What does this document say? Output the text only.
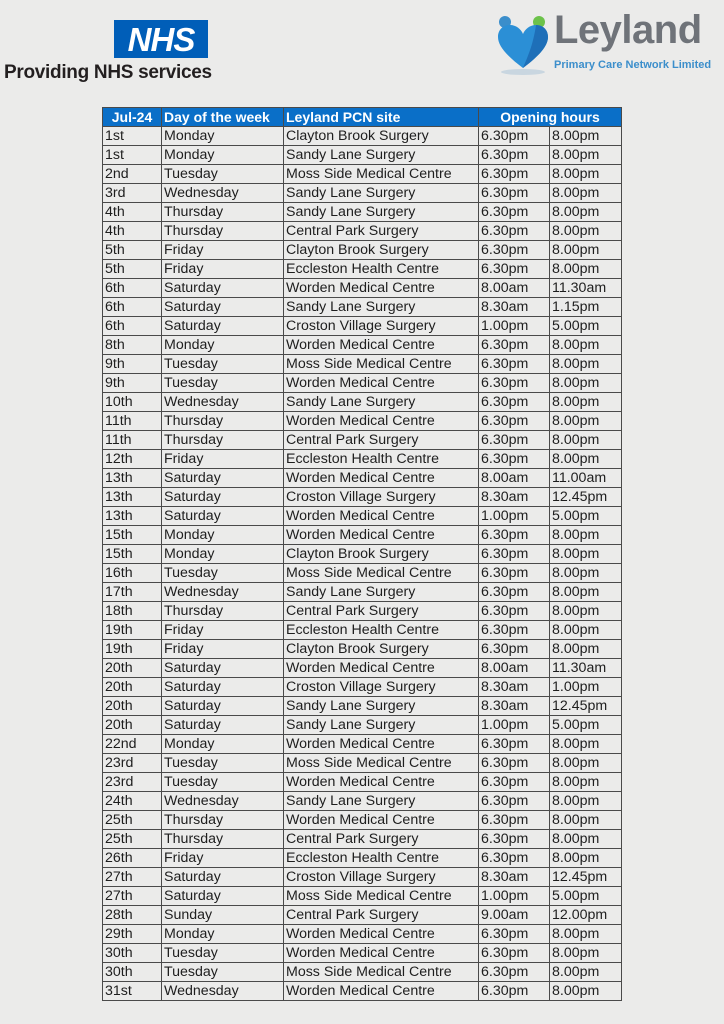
NHS
Providing NHS services
Leyland
Primary Care Network Limited
Jul-24	Day of the week	Leyland PCN site	Opening hours	
1st	Monday	Clayton Brook Surgery	6.30pm	8.00pm
1st	Monday	Sandy Lane Surgery	6.30pm	8.00pm
2nd	Tuesday	Moss Side Medical Centre	6.30pm	8.00pm
3rd	Wednesday	Sandy Lane Surgery	6.30pm	8.00pm
4th	Thursday	Sandy Lane Surgery	6.30pm	8.00pm
4th	Thursday	Central Park Surgery	6.30pm	8.00pm
5th	Friday	Clayton Brook Surgery	6.30pm	8.00pm
5th	Friday	Eccleston Health Centre	6.30pm	8.00pm
6th	Saturday	Worden Medical Centre	8.00am	11.30am
6th	Saturday	Sandy Lane Surgery	8.30am	1.15pm
6th	Saturday	Croston Village Surgery	1.00pm	5.00pm
8th	Monday	Worden Medical Centre	6.30pm	8.00pm
9th	Tuesday	Moss Side Medical Centre	6.30pm	8.00pm
9th	Tuesday	Worden Medical Centre	6.30pm	8.00pm
10th	Wednesday	Sandy Lane Surgery	6.30pm	8.00pm
11th	Thursday	Worden Medical Centre	6.30pm	8.00pm
11th	Thursday	Central Park Surgery	6.30pm	8.00pm
12th	Friday	Eccleston Health Centre	6.30pm	8.00pm
13th	Saturday	Worden Medical Centre	8.00am	11.00am
13th	Saturday	Croston Village Surgery	8.30am	12.45pm
13th	Saturday	Worden Medical Centre	1.00pm	5.00pm
15th	Monday	Worden Medical Centre	6.30pm	8.00pm
15th	Monday	Clayton Brook Surgery	6.30pm	8.00pm
16th	Tuesday	Moss Side Medical Centre	6.30pm	8.00pm
17th	Wednesday	Sandy Lane Surgery	6.30pm	8.00pm
18th	Thursday	Central Park Surgery	6.30pm	8.00pm
19th	Friday	Eccleston Health Centre	6.30pm	8.00pm
19th	Friday	Clayton Brook Surgery	6.30pm	8.00pm
20th	Saturday	Worden Medical Centre	8.00am	11.30am
20th	Saturday	Croston Village Surgery	8.30am	1.00pm
20th	Saturday	Sandy Lane Surgery	8.30am	12.45pm
20th	Saturday	Sandy Lane Surgery	1.00pm	5.00pm
22nd	Monday	Worden Medical Centre	6.30pm	8.00pm
23rd	Tuesday	Moss Side Medical Centre	6.30pm	8.00pm
23rd	Tuesday	Worden Medical Centre	6.30pm	8.00pm
24th	Wednesday	Sandy Lane Surgery	6.30pm	8.00pm
25th	Thursday	Worden Medical Centre	6.30pm	8.00pm
25th	Thursday	Central Park Surgery	6.30pm	8.00pm
26th	Friday	Eccleston Health Centre	6.30pm	8.00pm
27th	Saturday	Croston Village Surgery	8.30am	12.45pm
27th	Saturday	Moss Side Medical Centre	1.00pm	5.00pm
28th	Sunday	Central Park Surgery	9.00am	12.00pm
29th	Monday	Worden Medical Centre	6.30pm	8.00pm
30th	Tuesday	Worden Medical Centre	6.30pm	8.00pm
30th	Tuesday	Moss Side Medical Centre	6.30pm	8.00pm
31st	Wednesday	Worden Medical Centre	6.30pm	8.00pm
